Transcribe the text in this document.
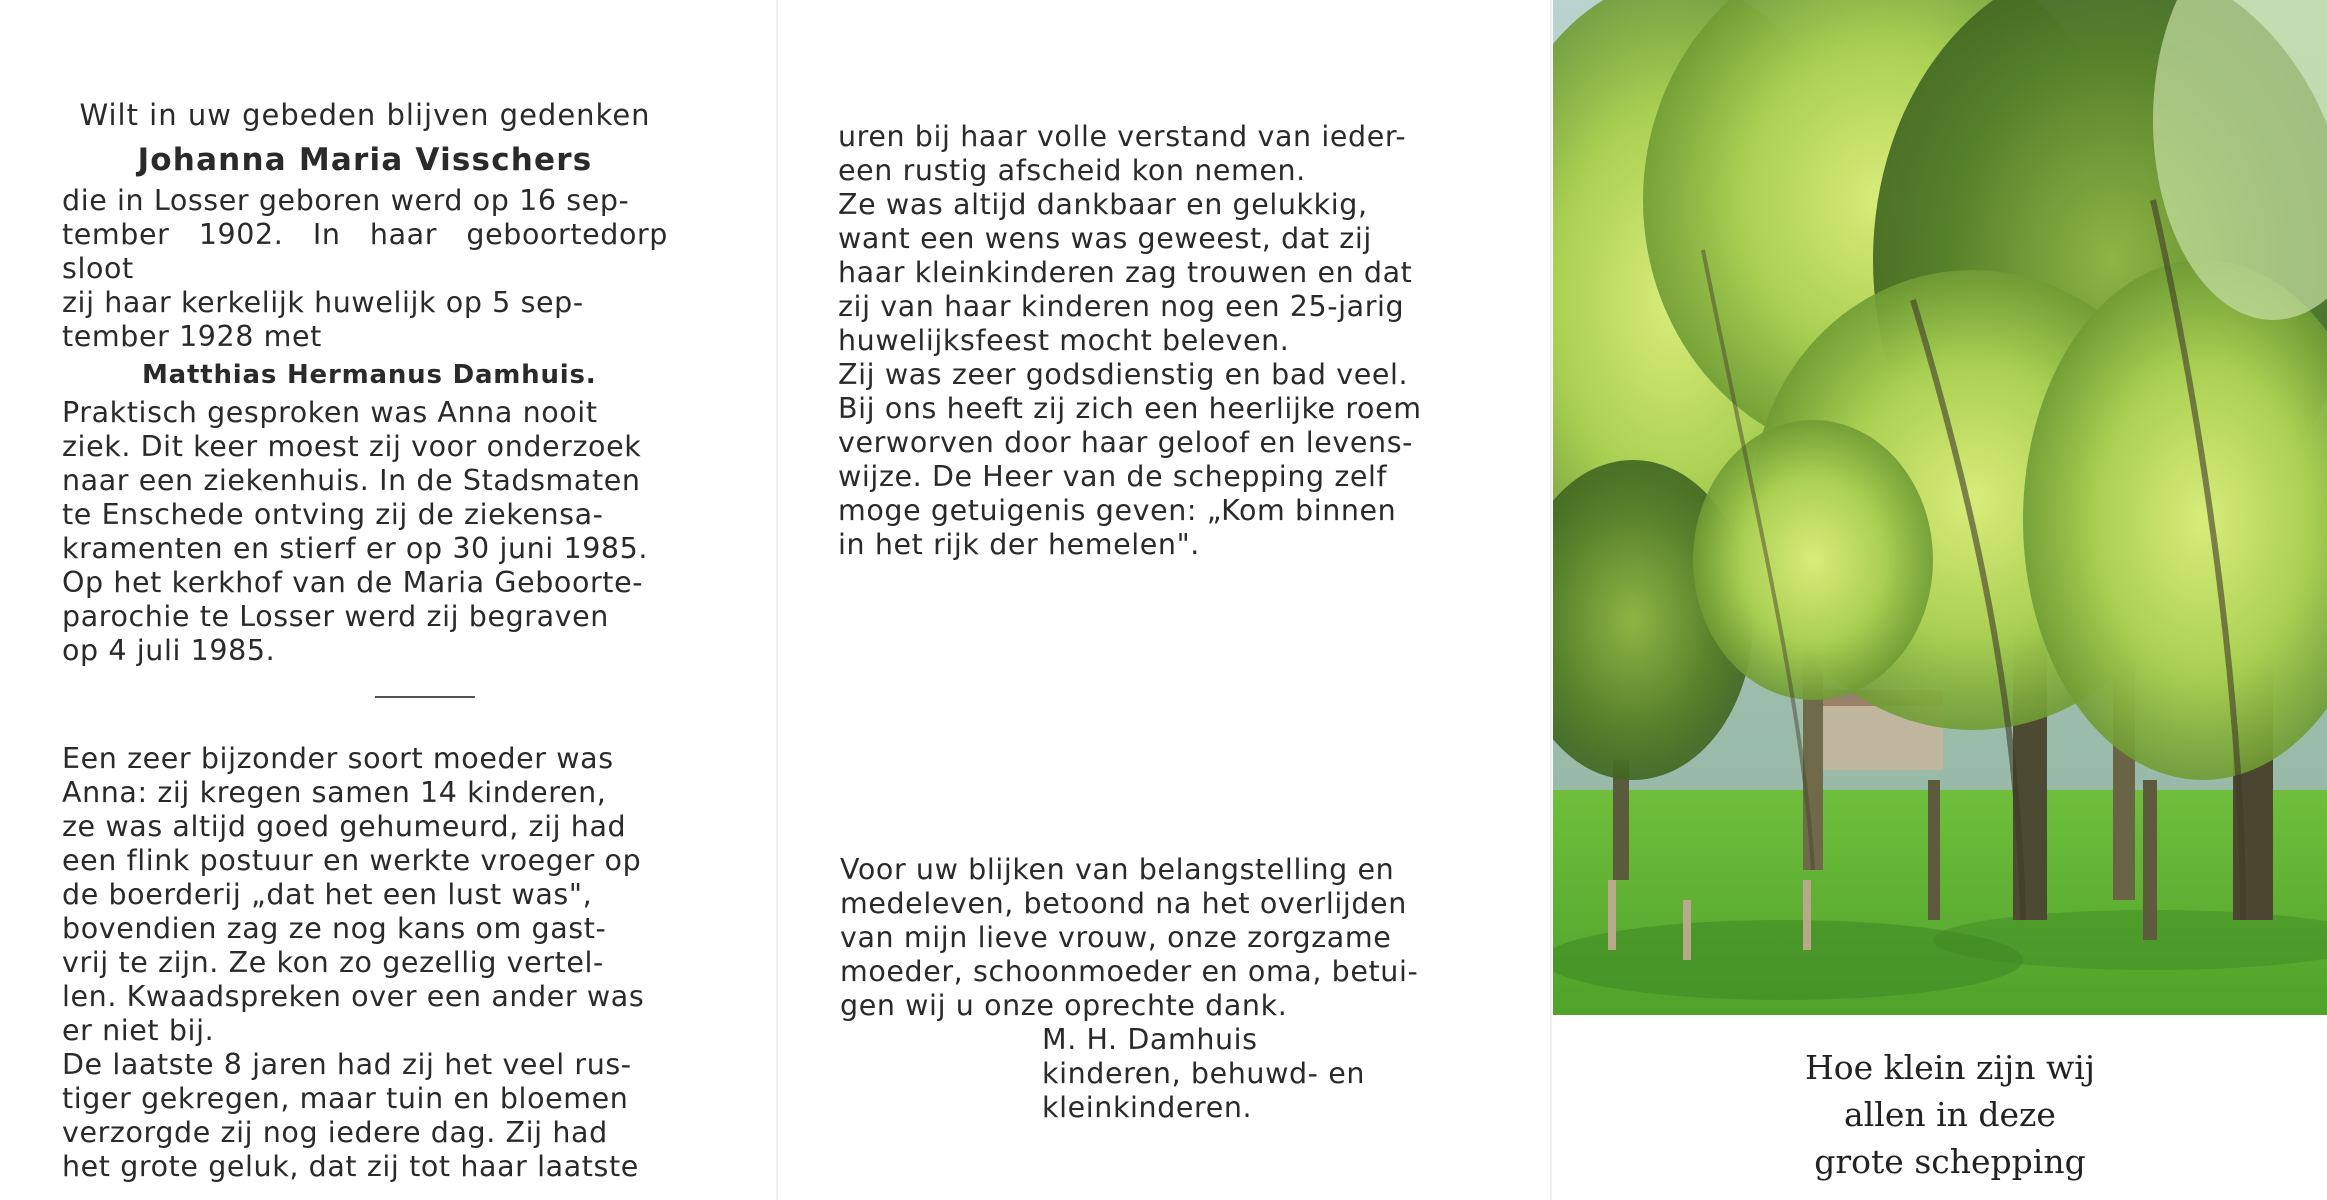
Wilt in uw gebeden blijven gedenken
Johanna Maria Visschers
die in Losser geboren werd op 16 sep-
tember 1902. In haar geboortedorp sloot
zij haar kerkelijk huwelijk op 5 sep-
tember 1928 met
Matthias Hermanus Damhuis.
Praktisch gesproken was Anna nooit
ziek. Dit keer moest zij voor onderzoek
naar een ziekenhuis. In de Stadsmaten
te Enschede ontving zij de ziekensa-
kramenten en stierf er op 30 juni 1985.
Op het kerkhof van de Maria Geboorte-
parochie te Losser werd zij begraven
op 4 juli 1985.
Een zeer bijzonder soort moeder was
Anna: zij kregen samen 14 kinderen,
ze was altijd goed gehumeurd, zij had
een flink postuur en werkte vroeger op
de boerderij „dat het een lust was",
bovendien zag ze nog kans om gast-
vrij te zijn. Ze kon zo gezellig vertel-
len. Kwaadspreken over een ander was
er niet bij.
De laatste 8 jaren had zij het veel rus-
tiger gekregen, maar tuin en bloemen
verzorgde zij nog iedere dag. Zij had
het grote geluk, dat zij tot haar laatste
uren bij haar volle verstand van ieder-
een rustig afscheid kon nemen.
Ze was altijd dankbaar en gelukkig,
want een wens was geweest, dat zij
haar kleinkinderen zag trouwen en dat
zij van haar kinderen nog een 25-jarig
huwelijksfeest mocht beleven.
Zij was zeer godsdienstig en bad veel.
Bij ons heeft zij zich een heerlijke roem
verworven door haar geloof en levens-
wijze. De Heer van de schepping zelf
moge getuigenis geven: „Kom binnen
in het rijk der hemelen".
Voor uw blijken van belangstelling en
medeleven, betoond na het overlijden
van mijn lieve vrouw, onze zorgzame
moeder, schoonmoeder en oma, betui-
gen wij u onze oprechte dank.
M. H. Damhuis
kinderen, behuwd- en
kleinkinderen.
Hoe klein zijn wij
allen in deze
grote schepping
